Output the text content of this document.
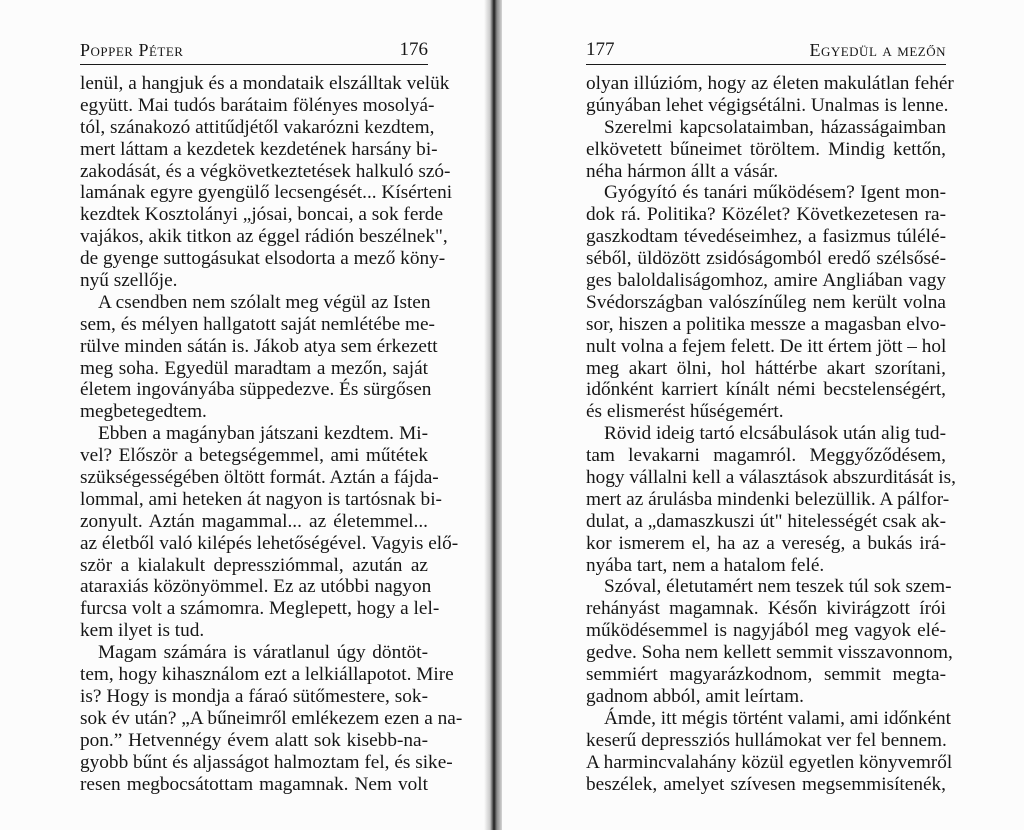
Popper Péter	176
lenül, a hangjuk és a mondataik elszálltak velük
együtt. Mai tudós barátaim fölényes mosolyá-
tól, szánakozó attitűdjétől vakarózni kezdtem,
mert láttam a kezdetek kezdetének harsány bi-
zakodását, és a végkövetkeztetések halkuló szó-
lamának egyre gyengülő lecsengését... Kísérteni
kezdtek Kosztolányi „jósai, boncai, a sok ferde
vajákos, akik titkon az éggel rádión beszélnek",
de gyenge suttogásukat elsodorta a mező köny-
nyű szellője.
A csendben nem szólalt meg végül az Isten
sem, és mélyen hallgatott saját nemlétébe me-
rülve minden sátán is. Jákob atya sem érkezett
meg soha. Egyedül maradtam a mezőn, saját
életem ingoványába süppedezve. És sürgősen
megbetegedtem.
Ebben a magányban játszani kezdtem. Mi-
vel? Először a betegségemmel, ami műtétek
szükségességében öltött formát. Aztán a fájda-
lommal, ami heteken át nagyon is tartósnak bi-
zonyult. Aztán magammal... az életemmel...
az életből való kilépés lehetőségével. Vagyis elő-
ször a kialakult depressziómmal, azután az
ataraxiás közönyömmel. Ez az utóbbi nagyon
furcsa volt a számomra. Meglepett, hogy a lel-
kem ilyet is tud.
Magam számára is váratlanul úgy döntöt-
tem, hogy kihasználom ezt a lelkiállapotot. Mire
is? Hogy is mondja a fáraó sütőmestere, sok-
sok év után? „A bűneimről emlékezem ezen a na-
pon.” Hetvennégy évem alatt sok kisebb-na-
gyobb bűnt és aljasságot halmoztam fel, és sike-
resen megbocsátottam magamnak. Nem volt
177	Egyedül a mezőn
olyan illúzióm, hogy az életen makulátlan fehér
gúnyában lehet végigsétálni. Unalmas is lenne.
Szerelmi kapcsolataimban, házasságaimban
elkövetett bűneimet töröltem. Mindig kettőn,
néha hármon állt a vásár.
Gyógyító és tanári működésem? Igent mon-
dok rá. Politika? Közélet? Következetesen ra-
gaszkodtam tévedéseimhez, a fasizmus túlélé-
séből, üldözött zsidóságomból eredő szélsősé-
ges baloldaliságomhoz, amire Angliában vagy
Svédországban valószínűleg nem került volna
sor, hiszen a politika messze a magasban elvo-
nult volna a fejem felett. De itt értem jött – hol
meg akart ölni, hol háttérbe akart szorítani,
időnként karriert kínált némi becstelenségért,
és elismerést hűségemért.
Rövid ideig tartó elcsábulások után alig tud-
tam levakarni magamról. Meggyőződésem,
hogy vállalni kell a választások abszurditását is,
mert az árulásba mindenki belezüllik. A pálfor-
dulat, a „damaszkuszi út" hitelességét csak ak-
kor ismerem el, ha az a vereség, a bukás irá-
nyába tart, nem a hatalom felé.
Szóval, életutamért nem teszek túl sok szem-
rehányást magamnak. Későn kivirágzott írói
működésemmel is nagyjából meg vagyok elé-
gedve. Soha nem kellett semmit visszavonnom,
semmiért magyarázkodnom, semmit megta-
gadnom abból, amit leírtam.
Ámde, itt mégis történt valami, ami időnként
keserű depressziós hullámokat ver fel bennem.
A harmincvalahány közül egyetlen könyvemről
beszélek, amelyet szívesen megsemmisítenék,
